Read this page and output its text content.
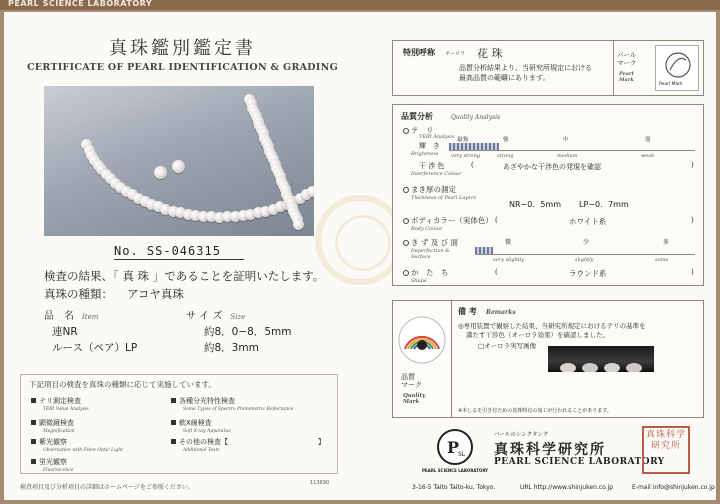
PEARL SCIENCE LABORATORY
真珠鑑別鑑定書
CERTIFICATE OF PEARL IDENTIFICATION & GRADING
No. SS-046315
検査の結果、「 真 珠 」であることを証明いたします。
真珠の種類： アコヤ真珠
品　名 Item	サ イ ズ Size
連NR	約8．0−8．5mm
ルース（ペア）LP	約8．3mm
下記項目の検査を真珠の種類に応じて実施しています。
テリ測定検査
TERI Value Analysis
顕微鏡検査
Magnification
紫光観察
Observation with Fibre Optic Light
蛍光観察
Fluorescence
各種分光特性検査
Some Types of Spectro Photometric Reflectance
軟X線検査
Soft X-ray Apparatus
その他の検査【	】
Additional Tests
検査項目及び分析項目の詳細はホームページをご参照ください。
113690
特別呼称 オーロラ 花 珠
品質分析結果より、当研究所規定における
最高品質の範疇にあります。
パール
マーク
Pearl
Mark
Pearl Mark
品質分析	Quality Analysis
テ　リ
TERI Analysis
輝　き
Brightness
最強	強	中	弱
very strong	strong	medium	weak
干 渉 色
Interference Colour
(	あざやかな干渉色の発現を確認	)
まき厚の測定
Thickness of Pearl Layers
NR−0．5mm LP−0．7mm
ボディカラー（実体色）
Body Colour
(	ホワイト系	)
き ず 及 び 面
Imperfection & Surface
微	少	多
very slightly	slightly	some
か　た　ち
Shape
(	ラウンド系	)
品質
マーク
Quality
Mark
備 考 Remarks
◎専用装置で観察した結果、当研究所規定におけるテリの基準を
満たす干渉色（オーロラ効果）を確認しました。
□オーロラ実写画像
※本しるを引き付ための真珠特有の加工が行われることがあります。
P
SL
PEARL SCIENCE LABORATORY
パールのシンクタンク
真珠科学研究所
PEARL SCIENCE LABORATORY
真珠科学研究所
3-16-5 Taito Taito-ku, Tokyo.	URL http://www.shinjuken.co.jp	E-mail info@shinjuken.co.jp
